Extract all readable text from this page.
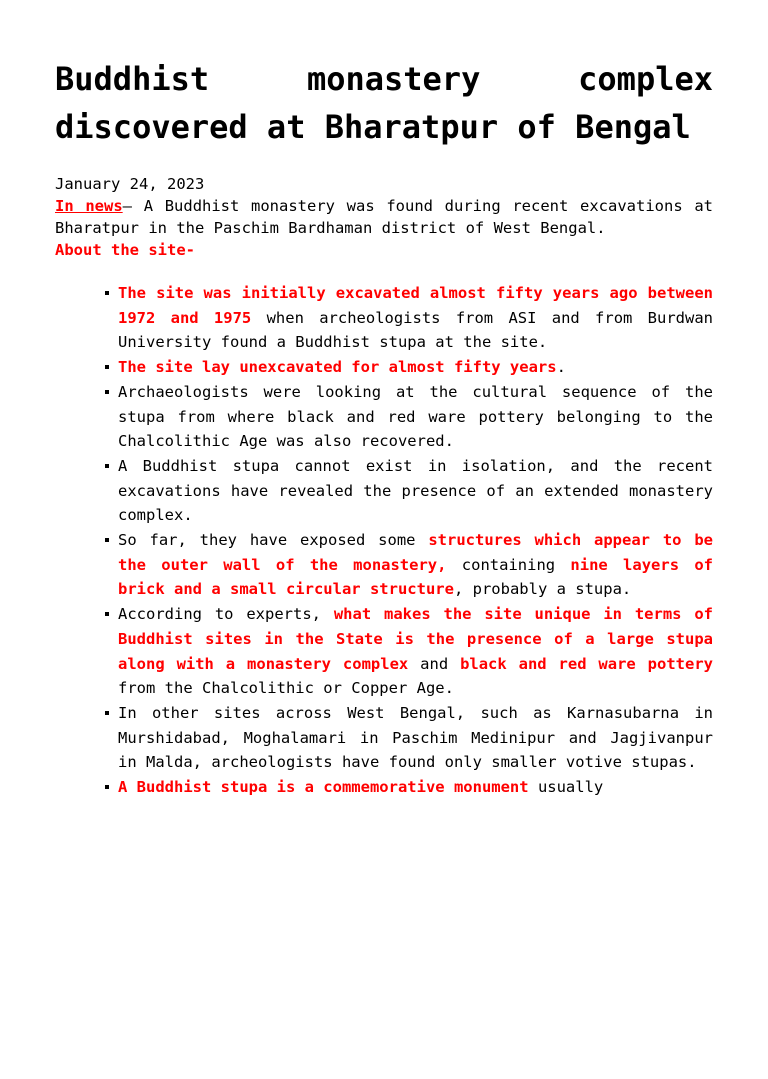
Buddhist monastery complex discovered at Bharatpur of Bengal
January 24, 2023
In news– A Buddhist monastery was found during recent excavations at Bharatpur in the Paschim Bardhaman district of West Bengal.
About the site-
The site was initially excavated almost fifty years ago between 1972 and 1975 when archeologists from ASI and from Burdwan University found a Buddhist stupa at the site.
The site lay unexcavated for almost fifty years.
Archaeologists were looking at the cultural sequence of the stupa from where black and red ware pottery belonging to the Chalcolithic Age was also recovered.
A Buddhist stupa cannot exist in isolation, and the recent excavations have revealed the presence of an extended monastery complex.
So far, they have exposed some structures which appear to be the outer wall of the monastery, containing nine layers of brick and a small circular structure, probably a stupa.
According to experts, what makes the site unique in terms of Buddhist sites in the State is the presence of a large stupa along with a monastery complex and black and red ware pottery from the Chalcolithic or Copper Age.
In other sites across West Bengal, such as Karnasubarna in Murshidabad, Moghalamari in Paschim Medinipur and Jagjivanpur in Malda, archeologists have found only smaller votive stupas.
A Buddhist stupa is a commemorative monument usually
